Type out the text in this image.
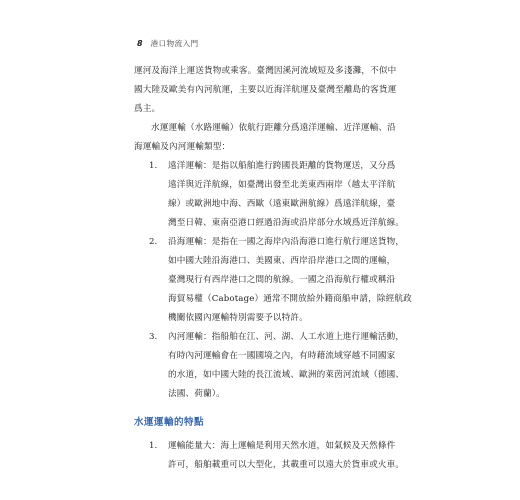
8 港口物流入門
運河及海洋上運送貨物或乘客。臺灣因溪河流域短及多淺灘，不似中
國大陸及歐美有內河航運，主要以近海洋航運及臺灣至離島的客貨運
爲主。
水運運輸（水路運輸）依航行距離分爲遠洋運輸、近洋運輸、沿
海運輸及內河運輸類型：
1.	遠洋運輸：是指以船舶進行跨國長距離的貨物運送，又分爲
遠洋與近洋航線，如臺灣出發至北美東西兩岸（越太平洋航
線）或歐洲地中海、西歐（遠東歐洲航線）爲遠洋航線，臺
灣至日韓、東南亞港口經過沿海或沿岸部分水域爲近洋航線。
2.	沿海運輸：是指在一國之海岸內沿海港口進行航行運送貨物，
如中國大陸沿海港口、美國東、西岸沿岸港口之間的運輸，
臺灣現行有西岸港口之間的航線。一國之沿海航行權或稱沿
海貿易權（Cabotage）通常不開放給外籍商船申請，除經航政
機關依國內運輸特別需要予以特許。
3.	內河運輸：指船舶在江、河、湖、人工水道上進行運輸活動，
有時內河運輸會在一國國境之內，有時藉流域穿越不同國家
的水道，如中國大陸的長江流域、歐洲的萊茵河流域（德國、
法國、荷蘭）。
水運運輸的特點
1.	運輸能量大：海上運輸是利用天然水道，如氣候及天然條件
許可，船舶載重可以大型化，其載重可以遠大於貨車或火車。
